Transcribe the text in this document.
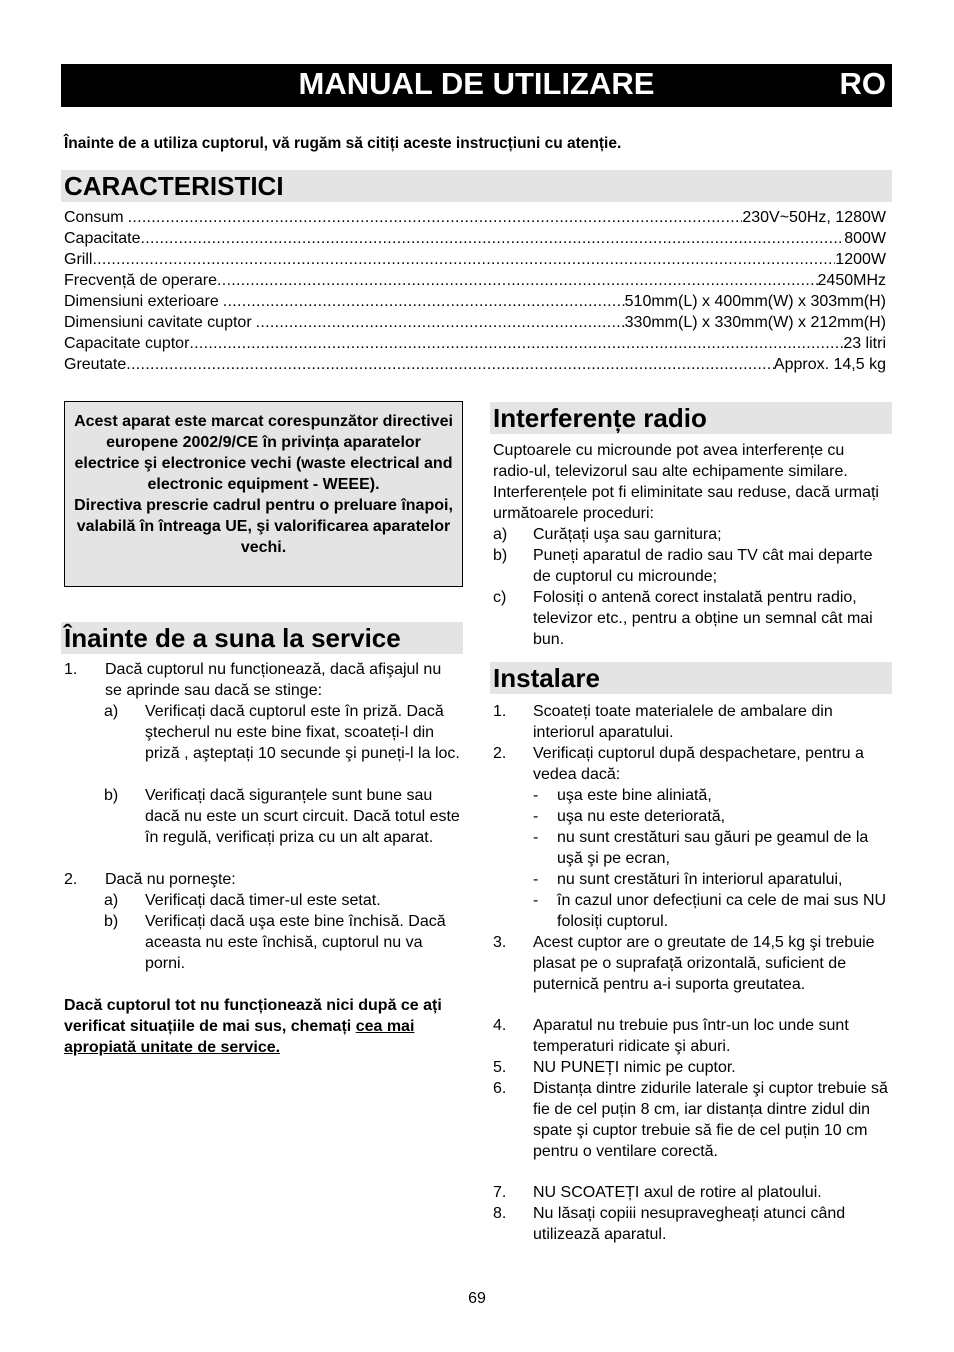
MANUAL DE UTILIZARE	RO
Înainte de a utiliza cuptorul, vă rugăm să citiți aceste instrucțiuni cu atenție.
CARACTERISTICI
Consum .....	230V~50Hz, 1280W
Capacitate .....	800W
Grill .....	1200W
Frecvență de operare .....	2450MHz
Dimensiuni exterioare .....	510mm(L) x 400mm(W) x 303mm(H)
Dimensiuni cavitate cuptor .....	330mm(L) x 330mm(W) x 212mm(H)
Capacitate cuptor .....	23 litri
Greutate .....	Approx. 14,5 kg

Acest aparat este marcat corespunzător directivei europene 2002/9/CE în privința aparatelor electrice şi electronice vechi (waste electrical and electronic equipment - WEEE).

Directiva prescrie cadrul pentru o preluare înapoi, valabilă în întreaga UE, şi valorificarea aparatelor vechi.

Înainte de a suna la service
1. Dacă cuptorul nu funcționează, dacă afişajul nu se aprinde sau dacă se stinge:
a) Verificați dacă cuptorul este în priză. Dacă ştecherul nu este bine fixat, scoateți-l din priză , aşteptați 10 secunde şi puneți-l la loc.
b) Verificați dacă siguranțele sunt bune sau dacă nu este un scurt circuit. Dacă totul este în regulă, verificați priza cu un alt aparat.
2. Dacă nu porneşte:
a) Verificați dacă timer-ul este setat.
b) Verificați dacă uşa este bine închisă. Dacă aceasta nu este închisă, cuptorul nu va porni.
Dacă cuptorul tot nu funcționează nici după ce ați verificat situațiile de mai sus, chemați cea mai apropiată unitate de service.
Interferențe radio
Cuptoarele cu microunde pot avea interferențe cu radio-ul, televizorul sau alte echipamente similare. Interferențele pot fi eliminitate sau reduse, dacă urmați următoarele proceduri:
a) Curățați uşa sau garnitura;
b) Puneți aparatul de radio sau TV cât mai departe de cuptorul cu microunde;
c) Folosiți o antenă corect instalată pentru radio, televizor etc., pentru a obține un semnal cât mai bun.
Instalare
1. Scoateți toate materialele de ambalare din interiorul aparatului.
2. Verificați cuptorul după despachetare, pentru a vedea dacă:
- uşa este bine aliniată,
- uşa nu este deteriorată,
- nu sunt crestături sau găuri pe geamul de la uşă şi pe ecran,
- nu sunt crestături în interiorul aparatului,
- în cazul unor defecțiuni ca cele de mai sus NU folosiți cuptorul.
3. Acest cuptor are o greutate de 14,5 kg şi trebuie plasat pe o suprafață orizontală, suficient de puternică pentru a-i suporta greutatea.
4. Aparatul nu trebuie pus într-un loc unde sunt temperaturi ridicate şi aburi.
5. NU PUNEȚI nimic pe cuptor.
6. Distanța dintre zidurile laterale şi cuptor trebuie să fie de cel puțin 8 cm, iar distanța dintre zidul din spate şi cuptor trebuie să fie de cel puțin 10 cm pentru o ventilare corectă.
7. NU SCOATEȚI axul de rotire al platoului.
8. Nu lăsați copiii nesupravegheați atunci când utilizează aparatul.
69
